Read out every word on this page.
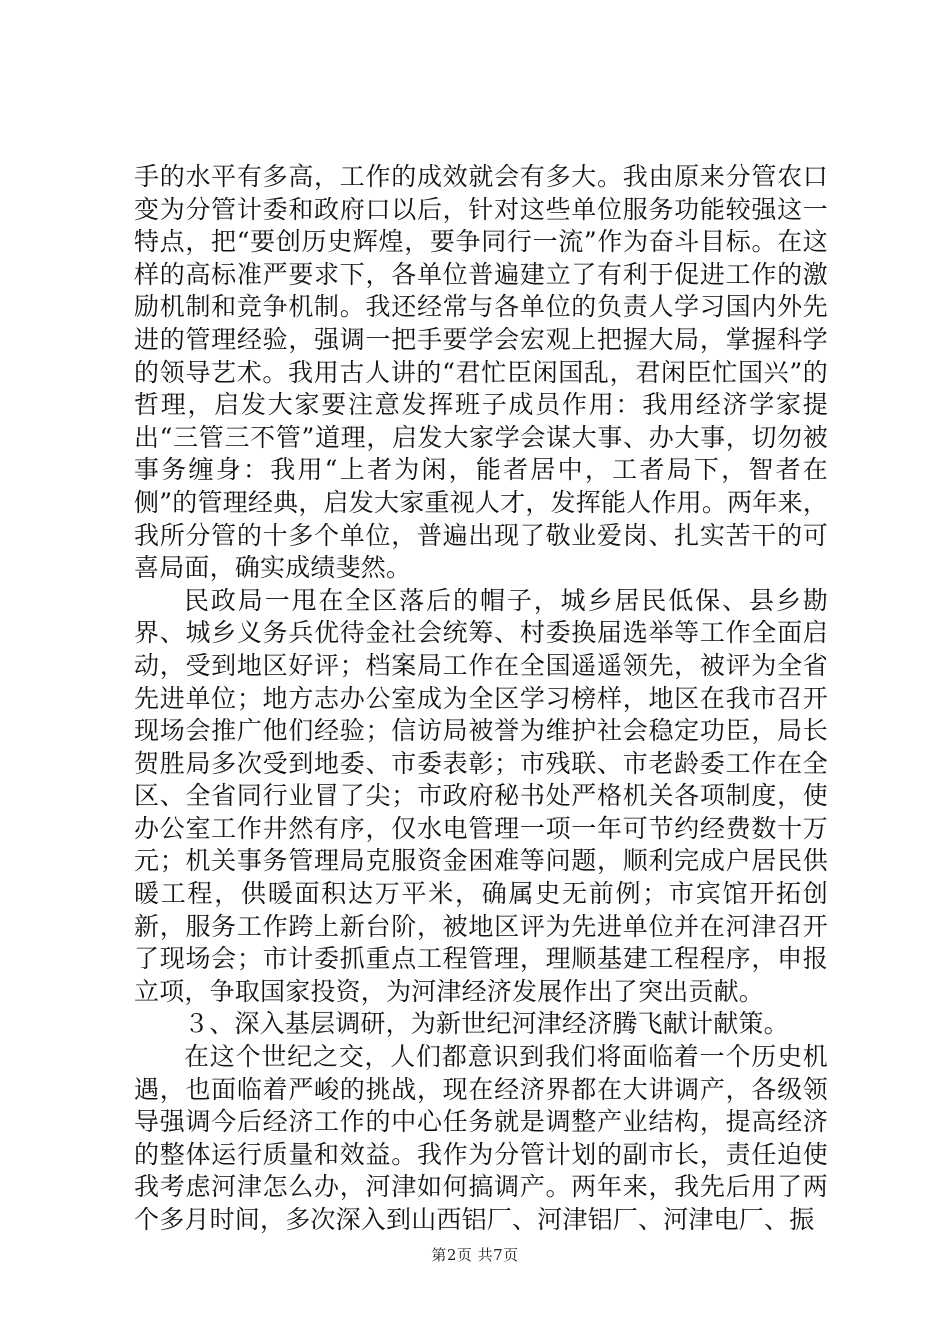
手的水平有多高，工作的成效就会有多大。我由原来分管农口变为分管计委和政府口以后，针对这些单位服务功能较强这一特点，把“要创历史辉煌，要争同行一流”作为奋斗目标。在这样的高标准严要求下，各单位普遍建立了有利于促进工作的激励机制和竞争机制。我还经常与各单位的负责人学习国内外先进的管理经验，强调一把手要学会宏观上把握大局，掌握科学的领导艺术。我用古人讲的“君忙臣闲国乱，君闲臣忙国兴”的哲理，启发大家要注意发挥班子成员作用：我用经济学家提出“三管三不管”道理，启发大家学会谋大事、办大事，切勿被事务缠身：我用“上者为闲，能者居中，工者局下，智者在侧”的管理经典，启发大家重视人才，发挥能人作用。两年来，我所分管的十多个单位，普遍出现了敬业爱岗、扎实苦干的可喜局面，确实成绩斐然。

民政局一甩在全区落后的帽子，城乡居民低保、县乡勘界、城乡义务兵优待金社会统筹、村委换届选举等工作全面启动，受到地区好评；档案局工作在全国遥遥领先，被评为全省先进单位；地方志办公室成为全区学习榜样，地区在我市召开现场会推广他们经验；信访局被誉为维护社会稳定功臣，局长贺胜局多次受到地委、市委表彰；市残联、市老龄委工作在全区、全省同行业冒了尖；市政府秘书处严格机关各项制度，使办公室工作井然有序，仅水电管理一项一年可节约经费数十万元；机关事务管理局克服资金困难等问题，顺利完成户居民供暖工程，供暖面积达万平米，确属史无前例；市宾馆开拓创新，服务工作跨上新台阶，被地区评为先进单位并在河津召开了现场会；市计委抓重点工程管理，理顺基建工程程序，申报立项，争取国家投资，为河津经济发展作出了突出贡献。

３、深入基层调研，为新世纪河津经济腾飞献计献策。

在这个世纪之交，人们都意识到我们将面临着一个历史机遇，也面临着严峻的挑战，现在经济界都在大讲调产，各级领导强调今后经济工作的中心任务就是调整产业结构，提高经济的整体运行质量和效益。我作为分管计划的副市长，责任迫使我考虑河津怎么办，河津如何搞调产。两年来，我先后用了两个多月时间，多次深入到山西铝厂、河津铝厂、河津电厂、振

第2页 共7页
